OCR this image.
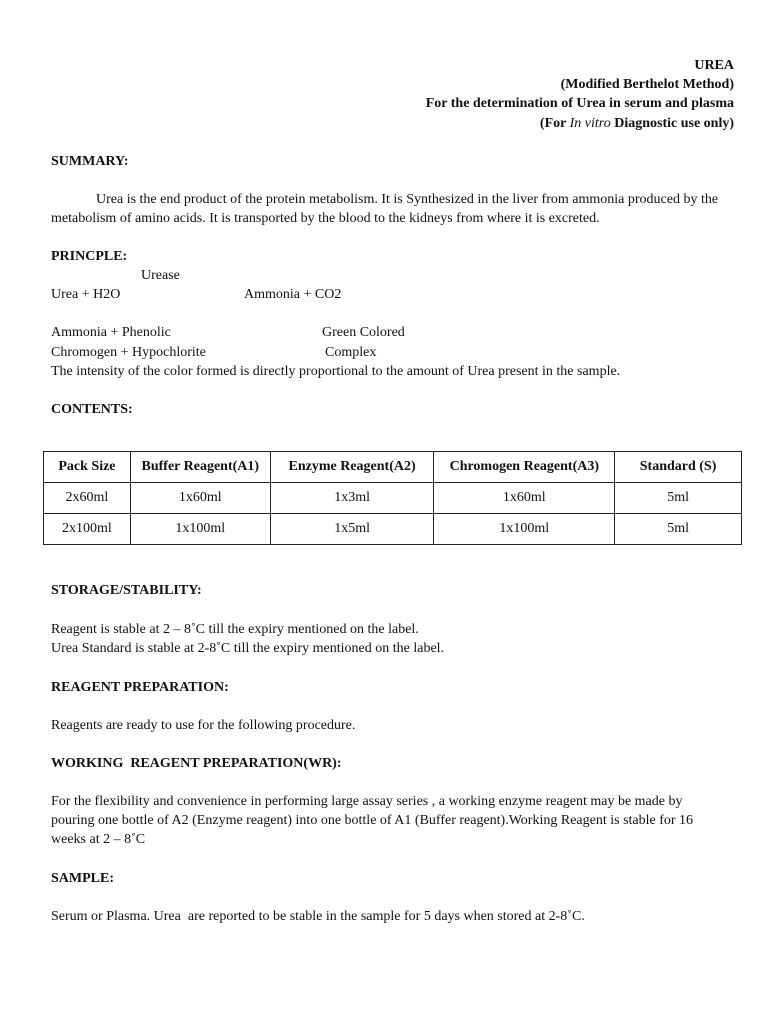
UREA
(Modified Berthelot Method)
For the determination of Urea in serum and plasma
(For In vitro Diagnostic use only)
SUMMARY:
Urea is the end product of the protein metabolism. It is Synthesized in the liver from ammonia produced by the metabolism of amino acids. It is transported by the blood to the kidneys from where it is excreted.
PRINCPLE:
Urease
Urea + H2O	Ammonia + CO2
Ammonia + Phenolic	Green Colored
Chromogen + Hypochlorite	Complex
The intensity of the color formed is directly proportional to the amount of Urea present in the sample.
CONTENTS:
Pack Size	Buffer Reagent(A1)	Enzyme Reagent(A2)	Chromogen Reagent(A3)	Standard (S)
2x60ml	1x60ml	1x3ml	1x60ml	5ml
2x100ml	1x100ml	1x5ml	1x100ml	5ml
STORAGE/STABILITY:
Reagent is stable at 2 – 8˚C till the expiry mentioned on the label.
Urea Standard is stable at 2-8˚C till the expiry mentioned on the label.
REAGENT PREPARATION:
Reagents are ready to use for the following procedure.
WORKING  REAGENT PREPARATION(WR):
For the flexibility and convenience in performing large assay series , a working enzyme reagent may be made by
pouring one bottle of A2 (Enzyme reagent) into one bottle of A1 (Buffer reagent).Working Reagent is stable for 16
weeks at 2 – 8˚C
SAMPLE:
Serum or Plasma. Urea  are reported to be stable in the sample for 5 days when stored at 2-8˚C.
